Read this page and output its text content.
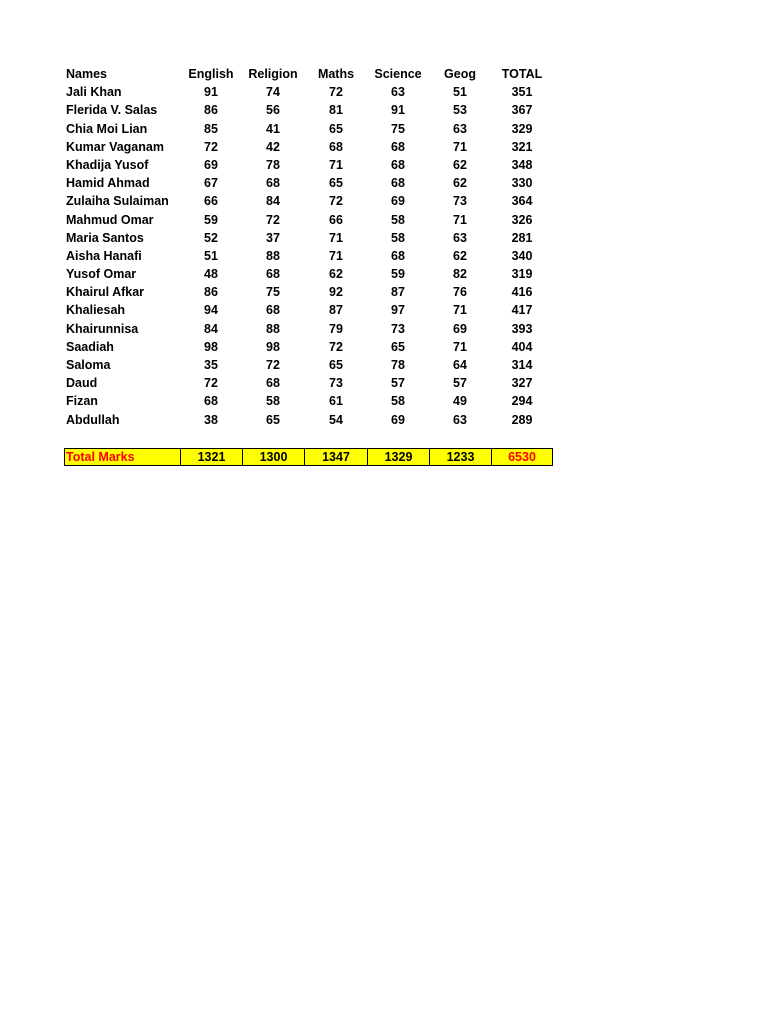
Names	English	Religion	Maths	Science	Geog	TOTAL
Jali Khan	91	74	72	63	51	351
Flerida V. Salas	86	56	81	91	53	367
Chia Moi Lian	85	41	65	75	63	329
Kumar Vaganam	72	42	68	68	71	321
Khadija Yusof	69	78	71	68	62	348
Hamid Ahmad	67	68	65	68	62	330
Zulaiha Sulaiman	66	84	72	69	73	364
Mahmud Omar	59	72	66	58	71	326
Maria Santos	52	37	71	58	63	281
Aisha Hanafi	51	88	71	68	62	340
Yusof Omar	48	68	62	59	82	319
Khairul Afkar	86	75	92	87	76	416
Khaliesah	94	68	87	97	71	417
Khairunnisa	84	88	79	73	69	393
Saadiah	98	98	72	65	71	404
Saloma	35	72	65	78	64	314
Daud	72	68	73	57	57	327
Fizan	68	58	61	58	49	294
Abdullah	38	65	54	69	63	289
Total Marks	1321	1300	1347	1329	1233	6530
